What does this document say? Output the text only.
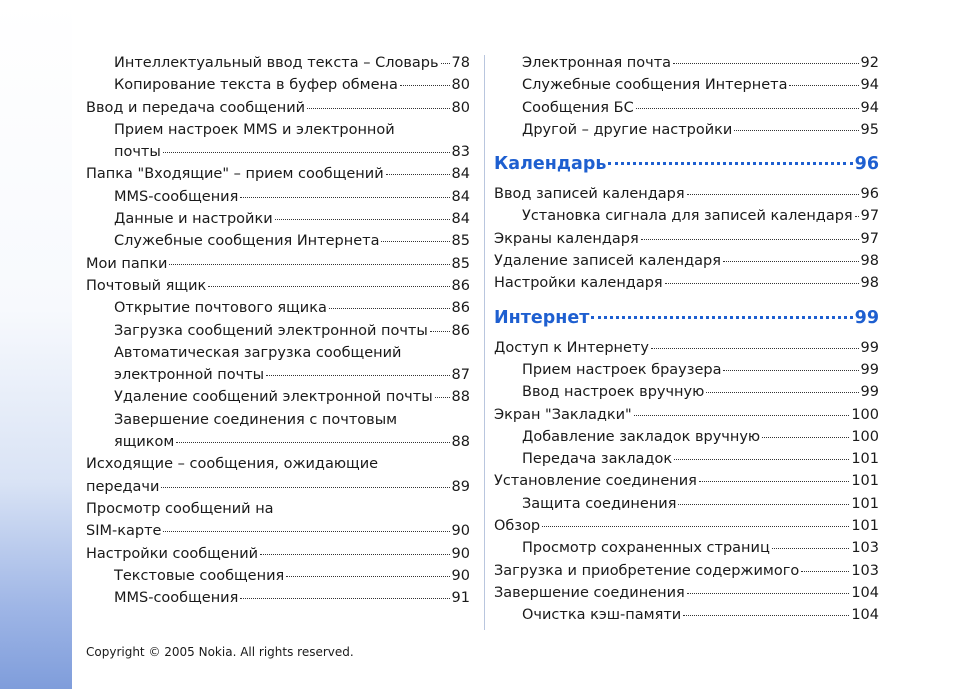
Интеллектуальный ввод текста – Словарь 78
Копирование текста в буфер обмена	80
Ввод и передача сообщений	80
Прием настроек MMS и электронной
почты	83
Папка "Входящие" – прием сообщений	84
MMS-сообщения	84
Данные и настройки	84
Служебные сообщения Интернета	85
Мои папки	85
Почтовый ящик	86
Открытие почтового ящика	86
Загрузка сообщений электронной почты 86
Автоматическая загрузка сообщений
электронной почты	87
Удаление сообщений электронной почты 88
Завершение соединения с почтовым
ящиком	88
Исходящие – сообщения, ожидающие
передачи	89
Просмотр сообщений на
SIM-карте	90
Настройки сообщений	90
Текстовые сообщения	90
MMS-сообщения	91
Электронная почта	92
Служебные сообщения Интернета	94
Сообщения БС	94
Другой – другие настройки	95
Календарь	96
Ввод записей календаря	96
Установка сигнала для записей календаря 97
Экраны календаря	97
Удаление записей календаря	98
Настройки календаря	98
Интернет	99
Доступ к Интернету	99
Прием настроек браузера	99
Ввод настроек вручную	99
Экран "Закладки"	100
Добавление закладок вручную	100
Передача закладок	101
Установление соединения	101
Защита соединения	101
Обзор	101
Просмотр сохраненных страниц	103
Загрузка и приобретение содержимого	103
Завершение соединения	104
Очистка кэш-памяти	104
Copyright © 2005 Nokia. All rights reserved.
